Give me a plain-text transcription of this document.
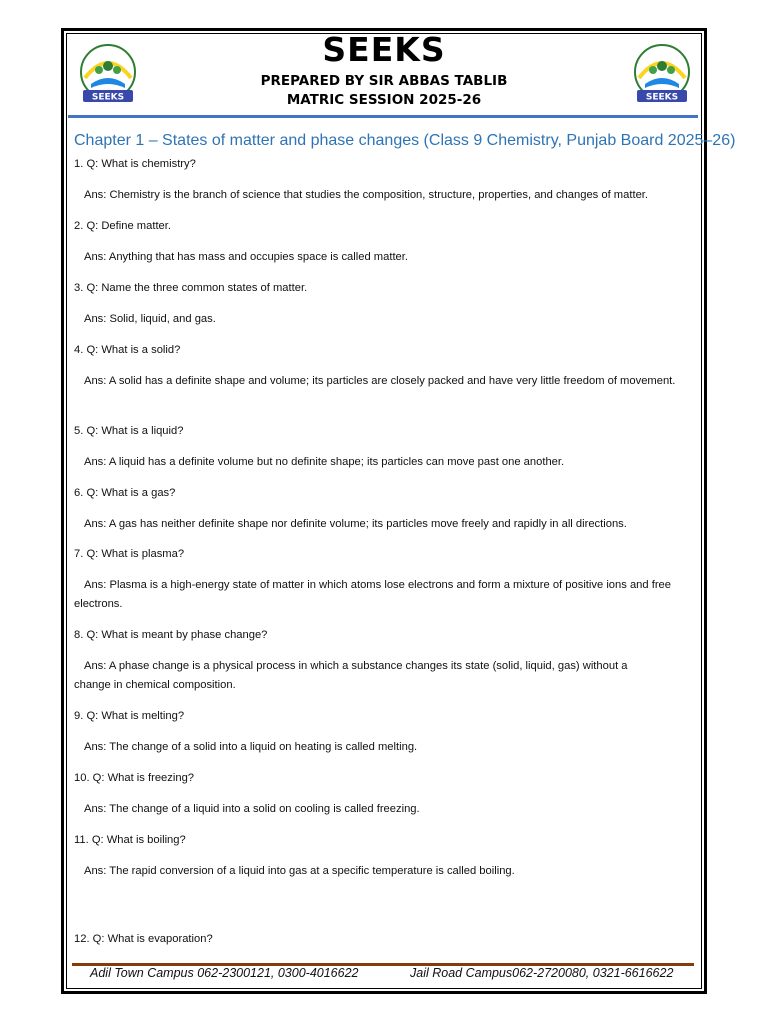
SEEKS	SEEKS
SEEKS
PREPARED BY SIR ABBAS TABLIB
MATRIC SESSION 2025-26
Chapter 1 – States of matter and phase changes (Class 9 Chemistry, Punjab Board 2025–26)
1. Q: What is chemistry?
Ans: Chemistry is the branch of science that studies the composition, structure, properties, and changes of matter.
2. Q: Define matter.
Ans: Anything that has mass and occupies space is called matter.
3. Q: Name the three common states of matter.
Ans: Solid, liquid, and gas.
4. Q: What is a solid?
Ans: A solid has a definite shape and volume; its particles are closely packed and have very little freedom of movement.
5. Q: What is a liquid?
Ans: A liquid has a definite volume but no definite shape; its particles can move past one another.
6. Q: What is a gas?
Ans: A gas has neither definite shape nor definite volume; its particles move freely and rapidly in all directions.
7. Q: What is plasma?
Ans: Plasma is a high-energy state of matter in which atoms lose electrons and form a mixture of positive ions and free electrons.
8. Q: What is meant by phase change?
Ans: A phase change is a physical process in which a substance changes its state (solid, liquid, gas) without a change in chemical composition.
9. Q: What is melting?
Ans: The change of a solid into a liquid on heating is called melting.
10. Q: What is freezing?
Ans: The change of a liquid into a solid on cooling is called freezing.
11. Q: What is boiling?
Ans: The rapid conversion of a liquid into gas at a specific temperature is called boiling.
12. Q: What is evaporation?
Adil Town Campus 062-2300121, 0300-4016622	Jail Road Campus062-2720080, 0321-6616622
